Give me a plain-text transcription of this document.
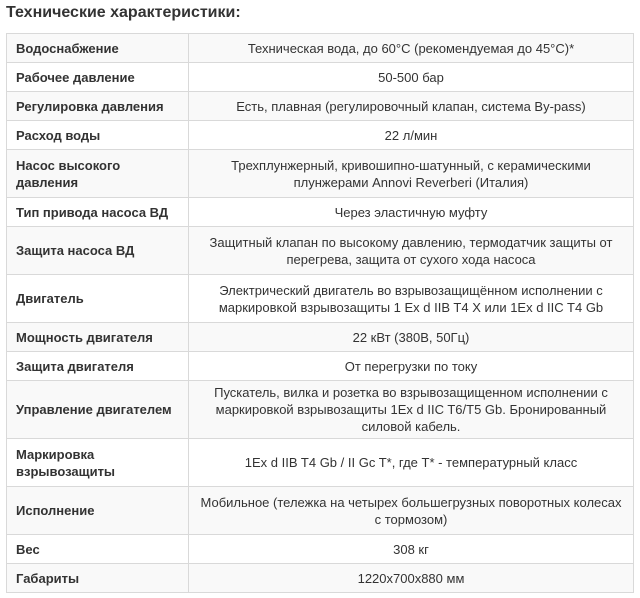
Технические характеристики:
Водоснабжение	Техническая вода, до 60°C (рекомендуемая до 45°C)*
Рабочее давление	50-500 бар
Регулировка давления	Есть, плавная (регулировочный клапан, система By-pass)
Расход воды	22 л/мин
Насос высокого давления	Трехплунжерный, кривошипно-шатунный, с керамическими плунжерами Annovi Reverberi (Италия)
Тип привода насоса ВД	Через эластичную муфту
Защита насоса ВД	Защитный клапан по высокому давлению, термодатчик защиты от перегрева, защита от сухого хода насоса
Двигатель	Электрический двигатель во взрывозащищённом исполнении с маркировкой взрывозащиты 1 Ex d IIB T4 X или 1Ex d IIC T4 Gb
Мощность двигателя	22 кВт (380В, 50Гц)
Защита двигателя	От перегрузки по току
Управление двигателем	Пускатель, вилка и розетка во взрывозащищенном исполнении с маркировкой взрывозащиты 1Ex d IIC T6/T5 Gb. Бронированный силовой кабель.
Маркировка взрывозащиты	1Ex d IIB T4 Gb / II Gc T*, где T* - температурный класс
Исполнение	Мобильное (тележка на четырех большегрузных поворотных колесах с тормозом)
Вес	308 кг
Габариты	1220x700x880 мм
